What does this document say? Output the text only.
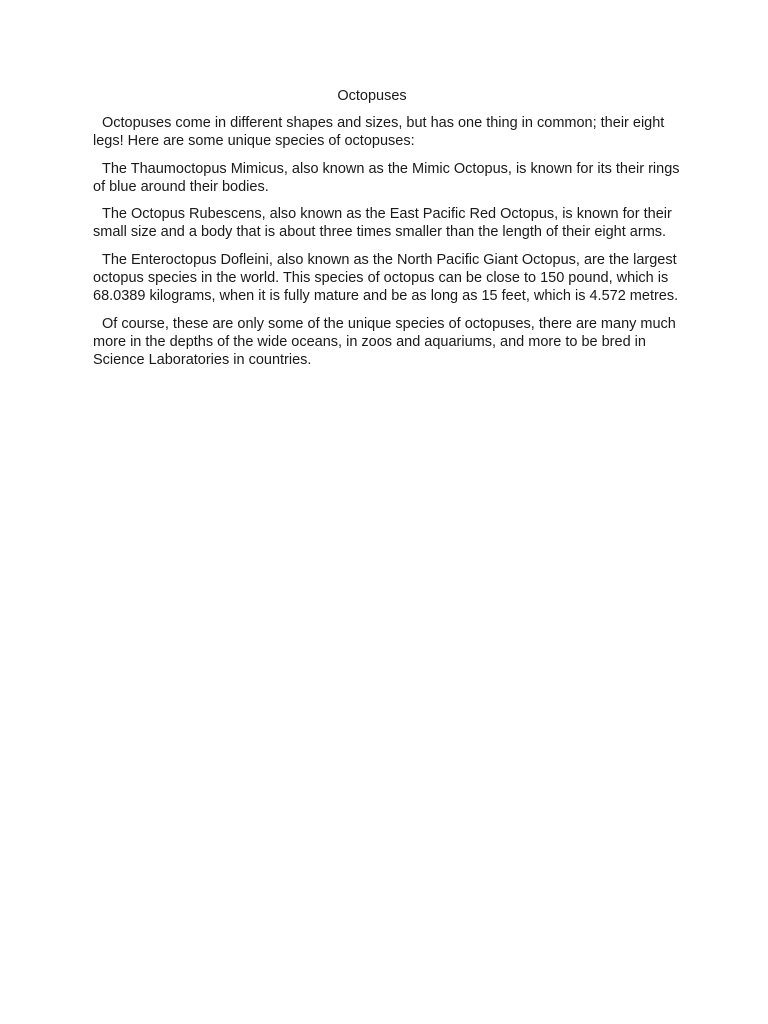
Octopuses

Octopuses come in different shapes and sizes, but has one thing in common; their eight legs! Here are some unique species of octopuses:

The Thaumoctopus Mimicus, also known as the Mimic Octopus, is known for its their rings of blue around their bodies.

The Octopus Rubescens, also known as the East Pacific Red Octopus, is known for their small size and a body that is about three times smaller than the length of their eight arms.

The Enteroctopus Dofleini, also known as the North Pacific Giant Octopus, are the largest octopus species in the world. This species of octopus can be close to 150 pound, which is 68.0389 kilograms, when it is fully mature and be as long as 15 feet, which is 4.572 metres.

Of course, these are only some of the unique species of octopuses, there are many much more in the depths of the wide oceans, in zoos and aquariums, and more to be bred in Science Laboratories in countries.
